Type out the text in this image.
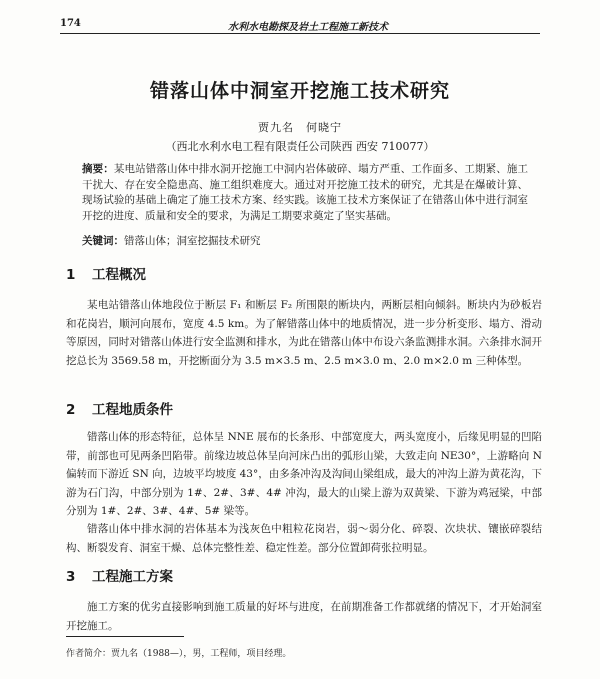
174	水利水电勘探及岩土工程施工新技术
错落山体中洞室开挖施工技术研究
贾九名　何晓宁
（西北水利水电工程有限责任公司陕西 西安 710077）
摘要：某电站错落山体中排水洞开挖施工中洞内岩体破碎、塌方严重、工作面多、工期紧、施工干扰大、存在安全隐患高、施工组织难度大。通过对开挖施工技术的研究，尤其是在爆破计算、现场试验的基础上确定了施工技术方案、经实践。该施工技术方案保证了在错落山体中进行洞室开挖的进度、质量和安全的要求，为满足工期要求奠定了坚实基础。
关键词：错落山体；洞室挖掘技术研究
1 工程概况
某电站错落山体地段位于断层 F₁ 和断层 F₂ 所围限的断块内，两断层相向倾斜。断块内为砂板岩和花岗岩，顺河向展布，宽度 4.5 km。为了解错落山体中的地质情况，进一步分析变形、塌方、滑动等原因，同时对错落山体进行安全监测和排水，为此在错落山体中布设六条监测排水洞。六条排水洞开挖总长为 3569.58 m，开挖断面分为 3.5 m×3.5 m、2.5 m×3.0 m、2.0 m×2.0 m 三种体型。
2 工程地质条件
错落山体的形态特征，总体呈 NNE 展布的长条形、中部宽度大，两头宽度小，后缘见明显的凹陷带，前部也可见两条凹陷带。前缘边坡总体呈向河床凸出的弧形山梁，大致走向 NE30°，上游略向 N 偏转而下游近 SN 向，边坡平均坡度 43°，由多条冲沟及沟间山梁组成，最大的冲沟上游为黄花沟，下游为石门沟，中部分别为 1#、2#、3#、4# 冲沟，最大的山梁上游为双黄梁、下游为鸡冠梁，中部分别为 1#、2#、3#、4#、5# 梁等。
错落山体中排水洞的岩体基本为浅灰色中粗粒花岗岩，弱～弱分化、碎裂、次块状、镶嵌碎裂结构、断裂发育、洞室干燥、总体完整性差、稳定性差。部分位置卸荷张拉明显。
3 工程施工方案
施工方案的优劣直接影响到施工质量的好坏与进度，在前期准备工作都就绪的情况下，才开始洞室开挖施工。
作者简介：贾九名（1988—），男，工程师，项目经理。
